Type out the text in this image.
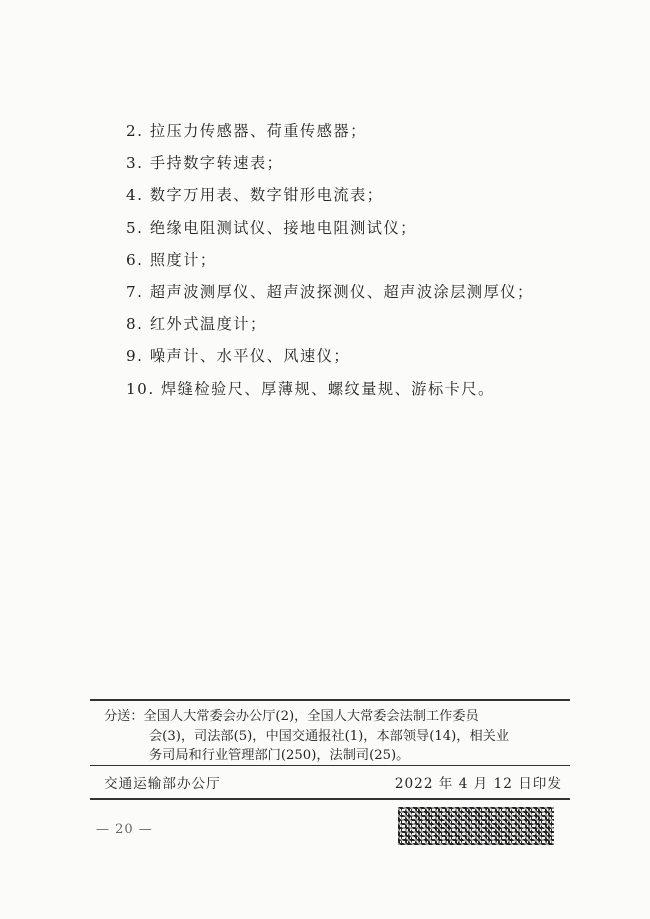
2. 拉压力传感器、荷重传感器；
3. 手持数字转速表；
4. 数字万用表、数字钳形电流表；
5. 绝缘电阻测试仪、接地电阻测试仪；
6. 照度计；
7. 超声波测厚仪、超声波探测仪、超声波涂层测厚仪；
8. 红外式温度计；
9. 噪声计、水平仪、风速仪；
10. 焊缝检验尺、厚薄规、螺纹量规、游标卡尺。
分送：全国人大常委会办公厅(2)，全国人大常委会法制工作委员
会(3)，司法部(5)，中国交通报社(1)，本部领导(14)，相关业
务司局和行业管理部门(250)，法制司(25)。
交通运输部办公厅	2022 年 4 月 12 日印发
— 20 —
